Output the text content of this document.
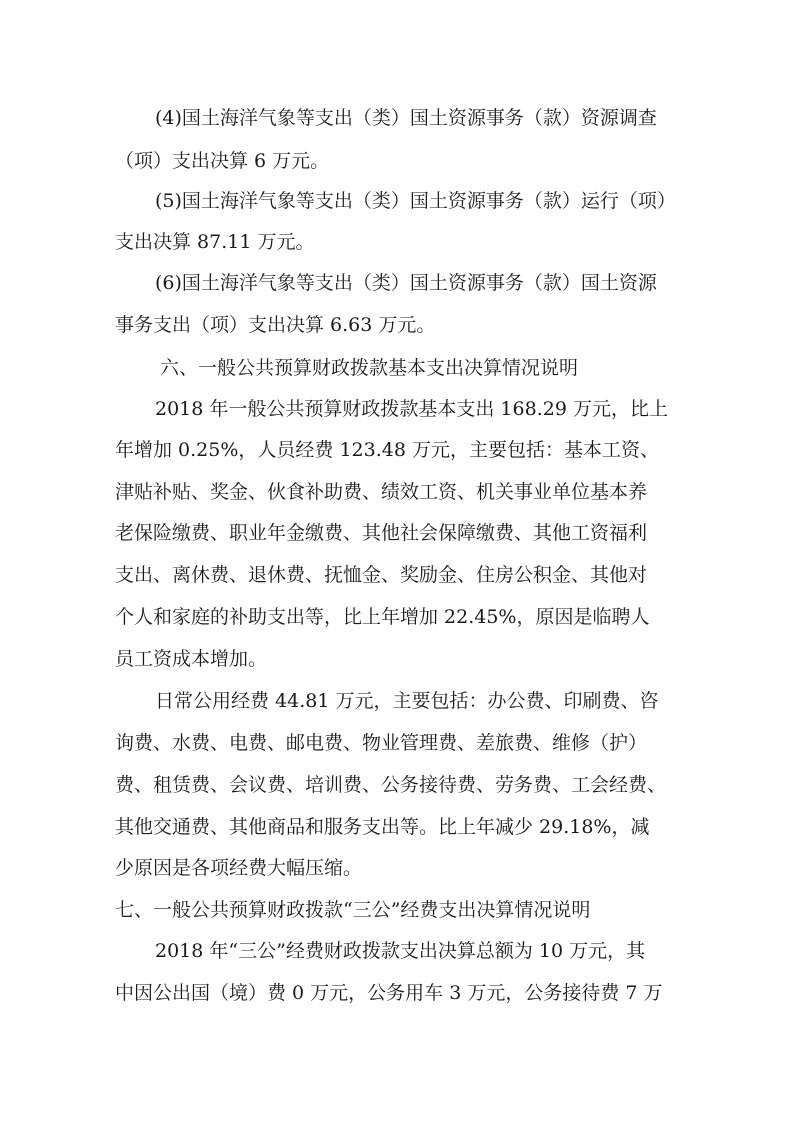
(4)国土海洋气象等支出（类）国土资源事务（款）资源调查
（项）支出决算 6 万元。
(5)国土海洋气象等支出（类）国土资源事务（款）运行（项）
支出决算 87.11 万元。
(6)国土海洋气象等支出（类）国土资源事务（款）国土资源
事务支出（项）支出决算 6.63 万元。
六、一般公共预算财政拨款基本支出决算情况说明
2018 年一般公共预算财政拨款基本支出 168.29 万元，比上
年增加 0.25%，人员经费 123.48 万元，主要包括：基本工资、
津贴补贴、奖金、伙食补助费、绩效工资、机关事业单位基本养
老保险缴费、职业年金缴费、其他社会保障缴费、其他工资福利
支出、离休费、退休费、抚恤金、奖励金、住房公积金、其他对
个人和家庭的补助支出等，比上年增加 22.45%，原因是临聘人
员工资成本增加。
日常公用经费 44.81 万元，主要包括：办公费、印刷费、咨
询费、水费、电费、邮电费、物业管理费、差旅费、维修（护）
费、租赁费、会议费、培训费、公务接待费、劳务费、工会经费、
其他交通费、其他商品和服务支出等。比上年减少 29.18%，减
少原因是各项经费大幅压缩。
七、一般公共预算财政拨款“三公”经费支出决算情况说明
2018 年“三公”经费财政拨款支出决算总额为 10 万元，其
中因公出国（境）费 0 万元，公务用车 3 万元，公务接待费 7 万
